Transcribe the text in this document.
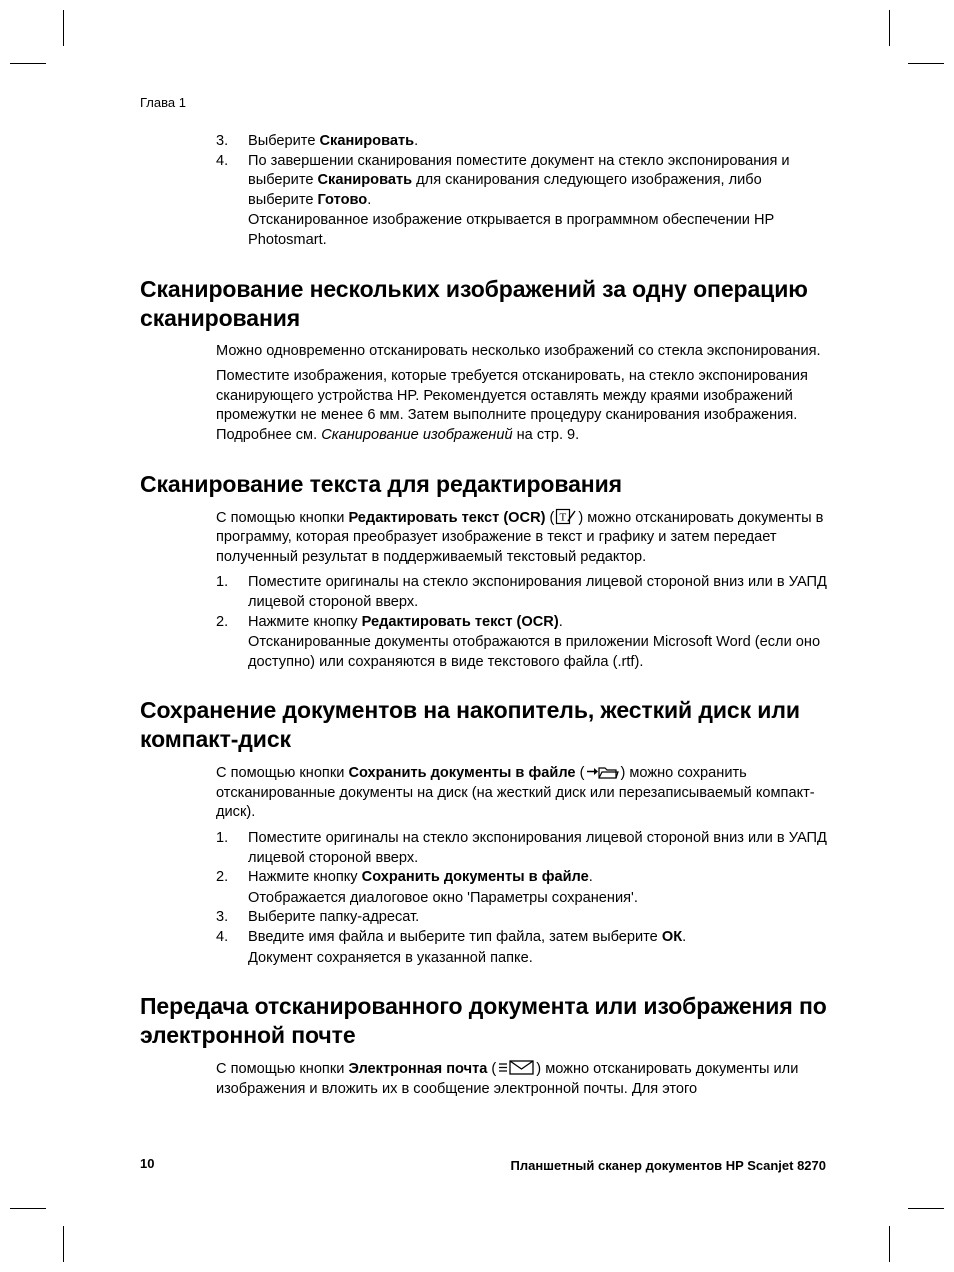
Глава 1
3.	Выберите Сканировать.
4.	По завершении сканирования поместите документ на стекло экспонирования и выберите Сканировать для сканирования следующего изображения, либо выберите Готово.
Отсканированное изображение открывается в программном обеспечении HP Photosmart.
Сканирование нескольких изображений за одну операцию сканирования
Можно одновременно отсканировать несколько изображений со стекла экспонирования.
Поместите изображения, которые требуется отсканировать, на стекло экспонирования сканирующего устройства HP. Рекомендуется оставлять между краями изображений промежутки не менее 6 мм. Затем выполните процедуру сканирования изображения. Подробнее см. Сканирование изображений на стр. 9.
Сканирование текста для редактирования
С помощью кнопки Редактировать текст (OCR) ( T ) можно отсканировать документы в программу, которая преобразует изображение в текст и графику и затем передает полученный результат в поддерживаемый текстовый редактор.
1.	Поместите оригиналы на стекло экспонирования лицевой стороной вниз или в УАПД лицевой стороной вверх.
2.	Нажмите кнопку Редактировать текст (OCR).
Отсканированные документы отображаются в приложении Microsoft Word (если оно доступно) или сохраняются в виде текстового файла (.rtf).
Сохранение документов на накопитель, жесткий диск или компакт-диск
С помощью кнопки Сохранить документы в файле ( ) можно сохранить отсканированные документы на диск (на жесткий диск или перезаписываемый компакт-диск).
1.	Поместите оригиналы на стекло экспонирования лицевой стороной вниз или в УАПД лицевой стороной вверх.
2.	Нажмите кнопку Сохранить документы в файле.
Отображается диалоговое окно 'Параметры сохранения'.
3.	Выберите папку-адресат.
4.	Введите имя файла и выберите тип файла, затем выберите ОК.
Документ сохраняется в указанной папке.
Передача отсканированного документа или изображения по электронной почте
С помощью кнопки Электронная почта (	) можно отсканировать документы или изображения и вложить их в сообщение электронной почты. Для этого
10	Планшетный сканер документов HP Scanjet 8270
